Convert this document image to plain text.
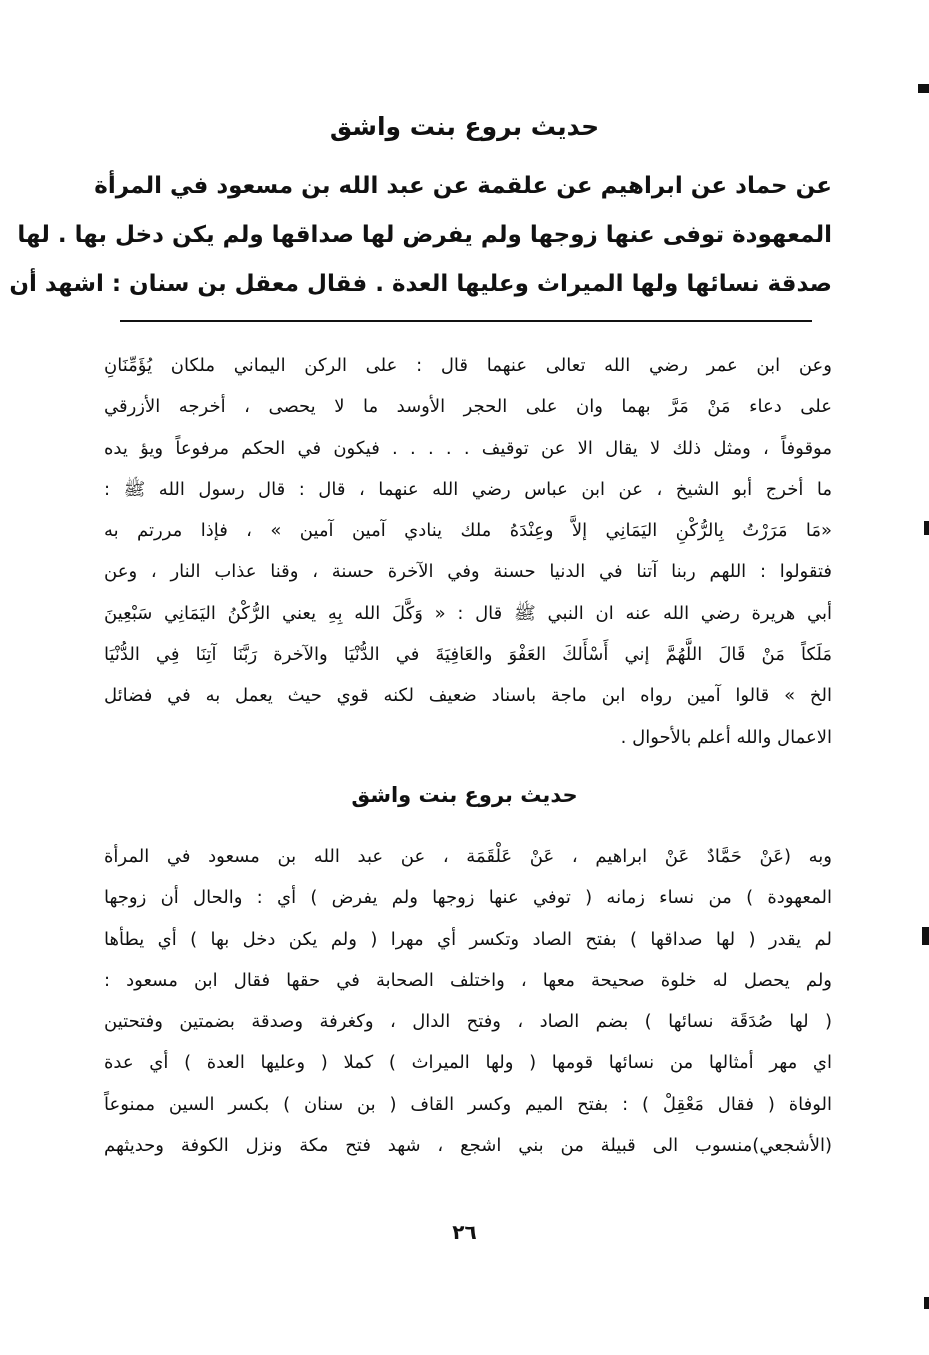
حديث بروع بنت واشق
عن حماد عن ابراهيم عن علقمة عن عبد الله بن مسعود في المرأة
المعهودة توفى عنها زوجها ولم يفرض لها صداقها ولم يكن دخل بها . لها
صدقة نسائها ولها الميراث وعليها العدة . فقال معقل بن سنان : اشهد أن
وعن ابن عمر رضي الله تعالى عنهما قال : على الركن اليماني ملكان يُؤَمِّنَانِ
على دعاء مَنْ مَرَّ بهما وان على الحجر الأوسد ما لا يحصى ، أخرجه الأزرقي
موقوفاً ، ومثل ذلك لا يقال الا عن توقيف . . . . . فيكون في الحكم مرفوعاً ويؤ يده
ما أخرج أبو الشيخ ، عن ابن عباس رضي الله عنهما ، قال : قال رسول الله ﷺ :
«مَا مَرَرْتُ بِالرُّكْنِ اليَمَانِي إلاَّ وعِنْدَهُ ملك ينادي آمين آمين » ، فإذا مررتم به
فتقولوا : اللهم ربنا آتنا في الدنيا حسنة وفي الآخرة حسنة ، وقنا عذاب النار ، وعن
أبي هريرة رضي الله عنه ان النبي ﷺ قال : « وَكَّلَ الله بِهِ يعني الرُّكْنُ اليَمَانِي سَبْعِينَ
مَلَكاً مَنْ قَالَ اللَّهُمَّ إني أَسْأَلكَ العَفْوَ والعَافِيَةَ في الدُّنْيَا والآخرة رَبَّنَا آتِنَا فِي الدُّنْيَا
الخ » قالوا آمين رواه ابن ماجة باسناد ضعيف لكنه قوي حيث يعمل به في فضائل
الاعمال والله أعلم بالأحوال .
حديث بروع بنت واشق
وبه (عَنْ حَمَّادٌ عَنْ ابراهيم ، عَنْ عَلْقَمَة ، عن عبد الله بن مسعود في المرأة
المعهودة ) من نساء زمانه ( توفي عنها زوجها ولم يفرض ) أي : والحال أن زوجها
لم يقدر ( لها صداقها ) بفتح الصاد وتكسر أي مهرا ( ولم يكن دخل بها ) أي يطأها
ولم يحصل له خلوة صحيحة معها ، واختلف الصحابة في حقها فقال ابن مسعود :
( لها صُدَقَة نسائها ) بضم الصاد ، وفتح الدال ، وكغرفة وصدقة بضمتين وفتحتين
اي مهر أمثالها من نسائها قومها ( ولها الميراث ) كملا ( وعليها العدة ) أي عدة
الوفاة ( فقال مَعْقِلْ ) : بفتح الميم وكسر القاف ( بن سنان ) بكسر السين ممنوعاً
(الأشجعي)منسوب الى قبيلة من بني اشجع ، شهد فتح مكة ونزل الكوفة وحديثهم
٢٦
